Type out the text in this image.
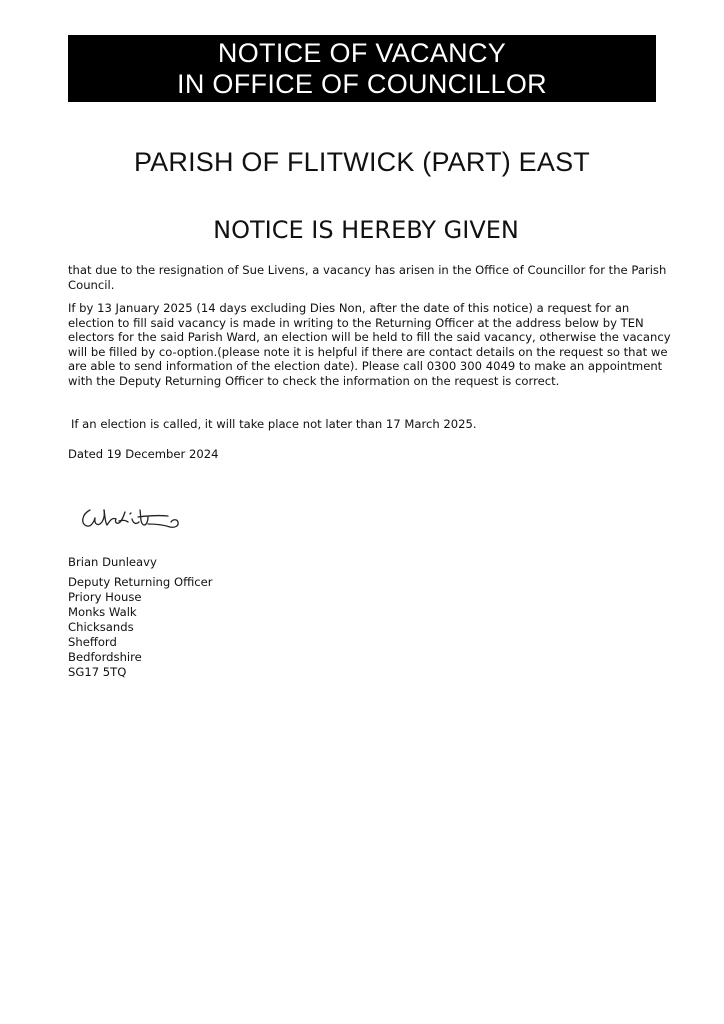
NOTICE OF VACANCY
IN OFFICE OF COUNCILLOR
PARISH OF FLITWICK (PART) EAST
NOTICE IS HEREBY GIVEN
that due to the resignation of Sue Livens, a vacancy has arisen in the Office of Councillor for the Parish Council.
If by 13 January 2025 (14 days excluding Dies Non, after the date of this notice) a request for an election to fill said vacancy is made in writing to the Returning Officer at the address below by TEN electors for the said Parish Ward, an election will be held to fill the said vacancy, otherwise the vacancy will be filled by co-option.(please note it is helpful if there are contact details on the request so that we are able to send information of the election date). Please call 0300 300 4049 to make an appointment with the Deputy Returning Officer to check the information on the request is correct.
If an election is called, it will take place not later than 17 March 2025.
Dated 19 December 2024
Brian Dunleavy
Deputy Returning Officer
Priory House
Monks Walk
Chicksands
Shefford
Bedfordshire
SG17 5TQ
